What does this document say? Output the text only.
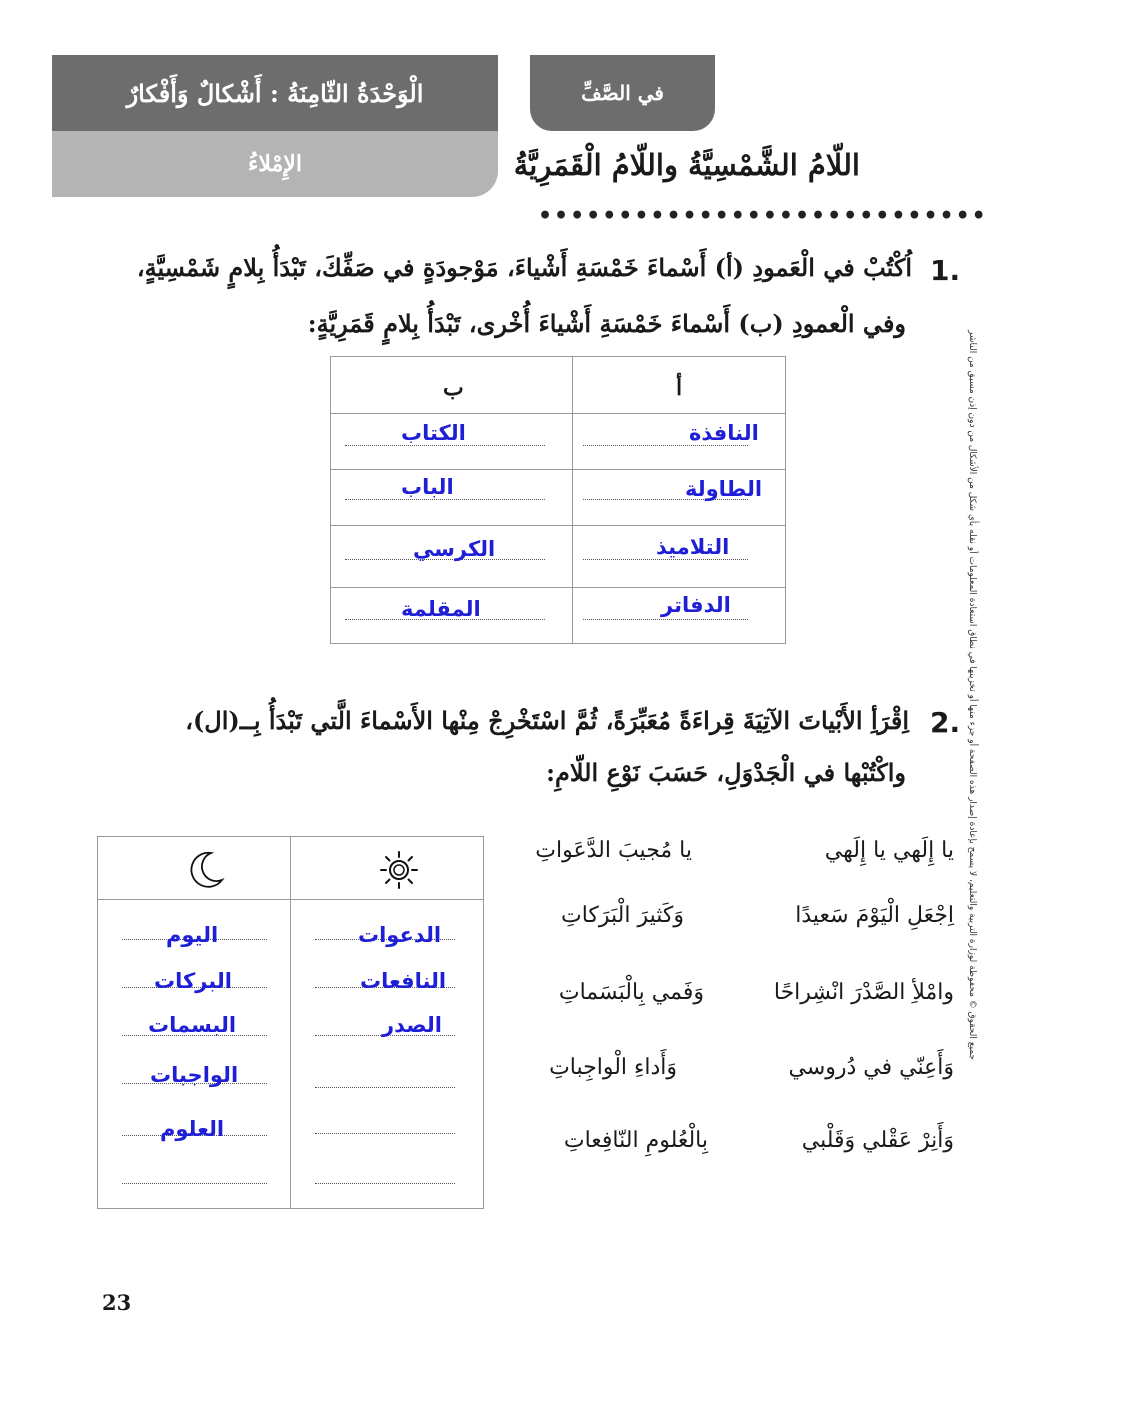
الْوَحْدَةُ الثّامِنَةُ : أَشْكالٌ وَأَفْكارٌ
الإِمْلاءُ
في الصَّفِّ
اللّامُ الشَّمْسِيَّةُ واللّامُ الْقَمَرِيَّةُ
••••••••••••••••••••••••••••
1.
اُكْتُبْ في الْعَمودِ (أ) أَسْماءَ خَمْسَةِ أَشْياءَ، مَوْجودَةٍ في صَفِّكَ، تَبْدَأُ بِلامٍ شَمْسِيَّةٍ،
وفي الْعمودِ (ب) أَسْماءَ خَمْسَةِ أَشْياءَ أُخْرى، تَبْدَأُ بِلامٍ قَمَرِيَّةٍ:
أ
ب
النافذة
الطاولة
التلاميذ
الدفاتر
الكتاب
الباب
الكرسي
المقلمة
2.
اِقْرَأِ الأَبْياتَ الآتِيَةَ قِراءَةً مُعَبِّرَةً، ثُمَّ اسْتَخْرِجْ مِنْها الأَسْماءَ الَّتي تَبْدَأُ بِــ(ال)،
واكْتُبْها في الْجَدْوَلِ، حَسَبَ نَوْعِ اللّامِ:
يا إِلَهي يا إِلَهي
يا مُجيبَ الدَّعَواتِ
اِجْعَلِ الْيَوْمَ سَعيدًا
وَكَثيرَ الْبَرَكاتِ
وامْلأِ الصَّدْرَ انْشِراحًا
وَفَمي بِالْبَسَماتِ
وَأَعِنّي في دُروسي
وَأَداءِ الْواجِباتِ
وَأَنِرْ عَقْلي وَقَلْبي
بِالْعُلومِ النّافِعاتِ
الدعوات
النافعات
الصدر
اليوم
البركات
البسمات
الواجبات
العلوم
جميع الحقوق © محفوظة لوزارة التربية والتعليم، لا يسمح بإعادة إصدار هذه الصفحة أو جزء منها أو تخزينها في نطاق استعادة المعلومات أو نقله بأي شكل من الأشكال من دون إذن مسبق من الناشر
23
